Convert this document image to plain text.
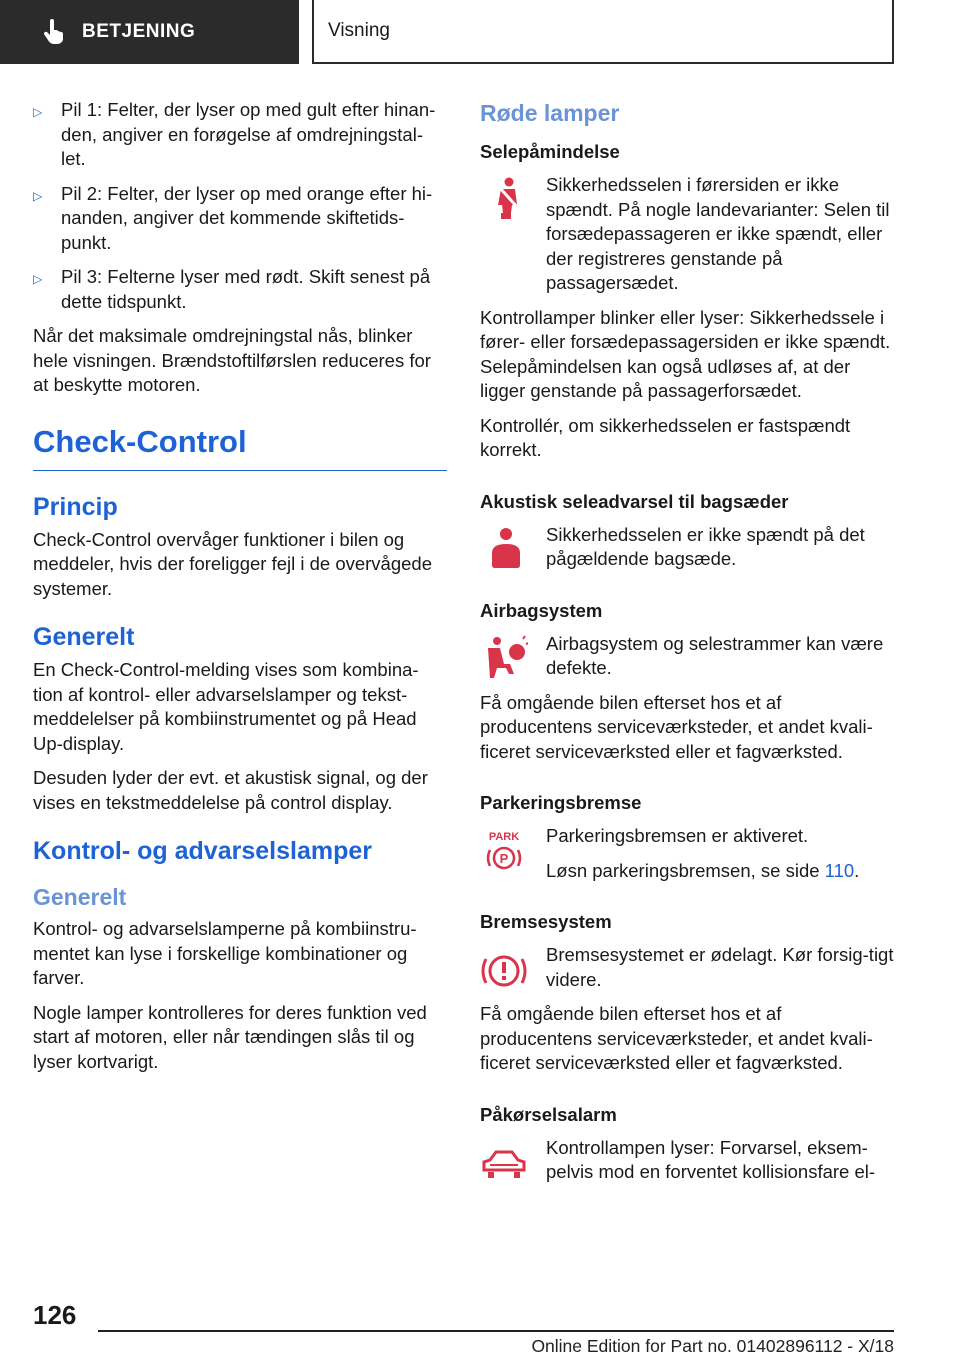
BETJENING	Visning
▷	Pil 1: Felter, der lyser op med gult efter hinan-den, angiver en forøgelse af omdrejningstal-let.
▷	Pil 2: Felter, der lyser op med orange efter hi-nanden, angiver det kommende skiftetids-punkt.
▷	Pil 3: Felterne lyser med rødt. Skift senest på dette tidspunkt.

Når det maksimale omdrejningstal nås, blinker hele visningen. Brændstoftilførslen reduceres for at beskytte motoren.

Check-Control
Princip

Check-Control overvåger funktioner i bilen og meddeler, hvis der foreligger fejl i de overvågede systemer.

Generelt

En Check-Control-melding vises som kombina-tion af kontrol- eller advarselslamper og tekst-meddelelser på kombiinstrumentet og på Head Up-display.

Desuden lyder der evt. et akustisk signal, og der vises en tekstmeddelelse på control display.

Kontrol- og advarselslamper
Generelt

Kontrol- og advarselslamperne på kombiinstru-mentet kan lyse i forskellige kombinationer og farver.

Nogle lamper kontrolleres for deres funktion ved start af motoren, eller når tændingen slås til og lyser kortvarigt.

Røde lamper
Selepåmindelse

Sikkerhedsselen i førersiden er ikke spændt. På nogle landevarianter: Selen til forsædepassageren er ikke spændt, eller der registreres genstande på passagersædet.

Kontrollamper blinker eller lyser: Sikkerhedssele i fører- eller forsædepassagersiden er ikke spændt. Selepåmindelsen kan også udløses af, at der ligger genstande på passagerforsædet.

Kontrollér, om sikkerhedsselen er fastspændt korrekt.

Akustisk seleadvarsel til bagsæder

Sikkerhedsselen er ikke spændt på det pågældende bagsæde.

Airbagsystem

Airbagsystem og selestrammer kan være defekte.

Få omgående bilen efterset hos et af producentens serviceværksteder, et andet kvali-ficeret serviceværksted eller et fagværksted.

Parkeringsbremse
PARK
P

Parkeringsbremsen er aktiveret.

Løsn parkeringsbremsen, se side 110.

Bremsesystem

Bremsesystemet er ødelagt. Kør forsig-tigt videre.

Få omgående bilen efterset hos et af producentens serviceværksteder, et andet kvali-ficeret serviceværksted eller et fagværksted.

Påkørselsalarm

Kontrollampen lyser: Forvarsel, eksem-pelvis mod en forventet kollisionsfare el-

126
Online Edition for Part no. 01402896112 - X/18
